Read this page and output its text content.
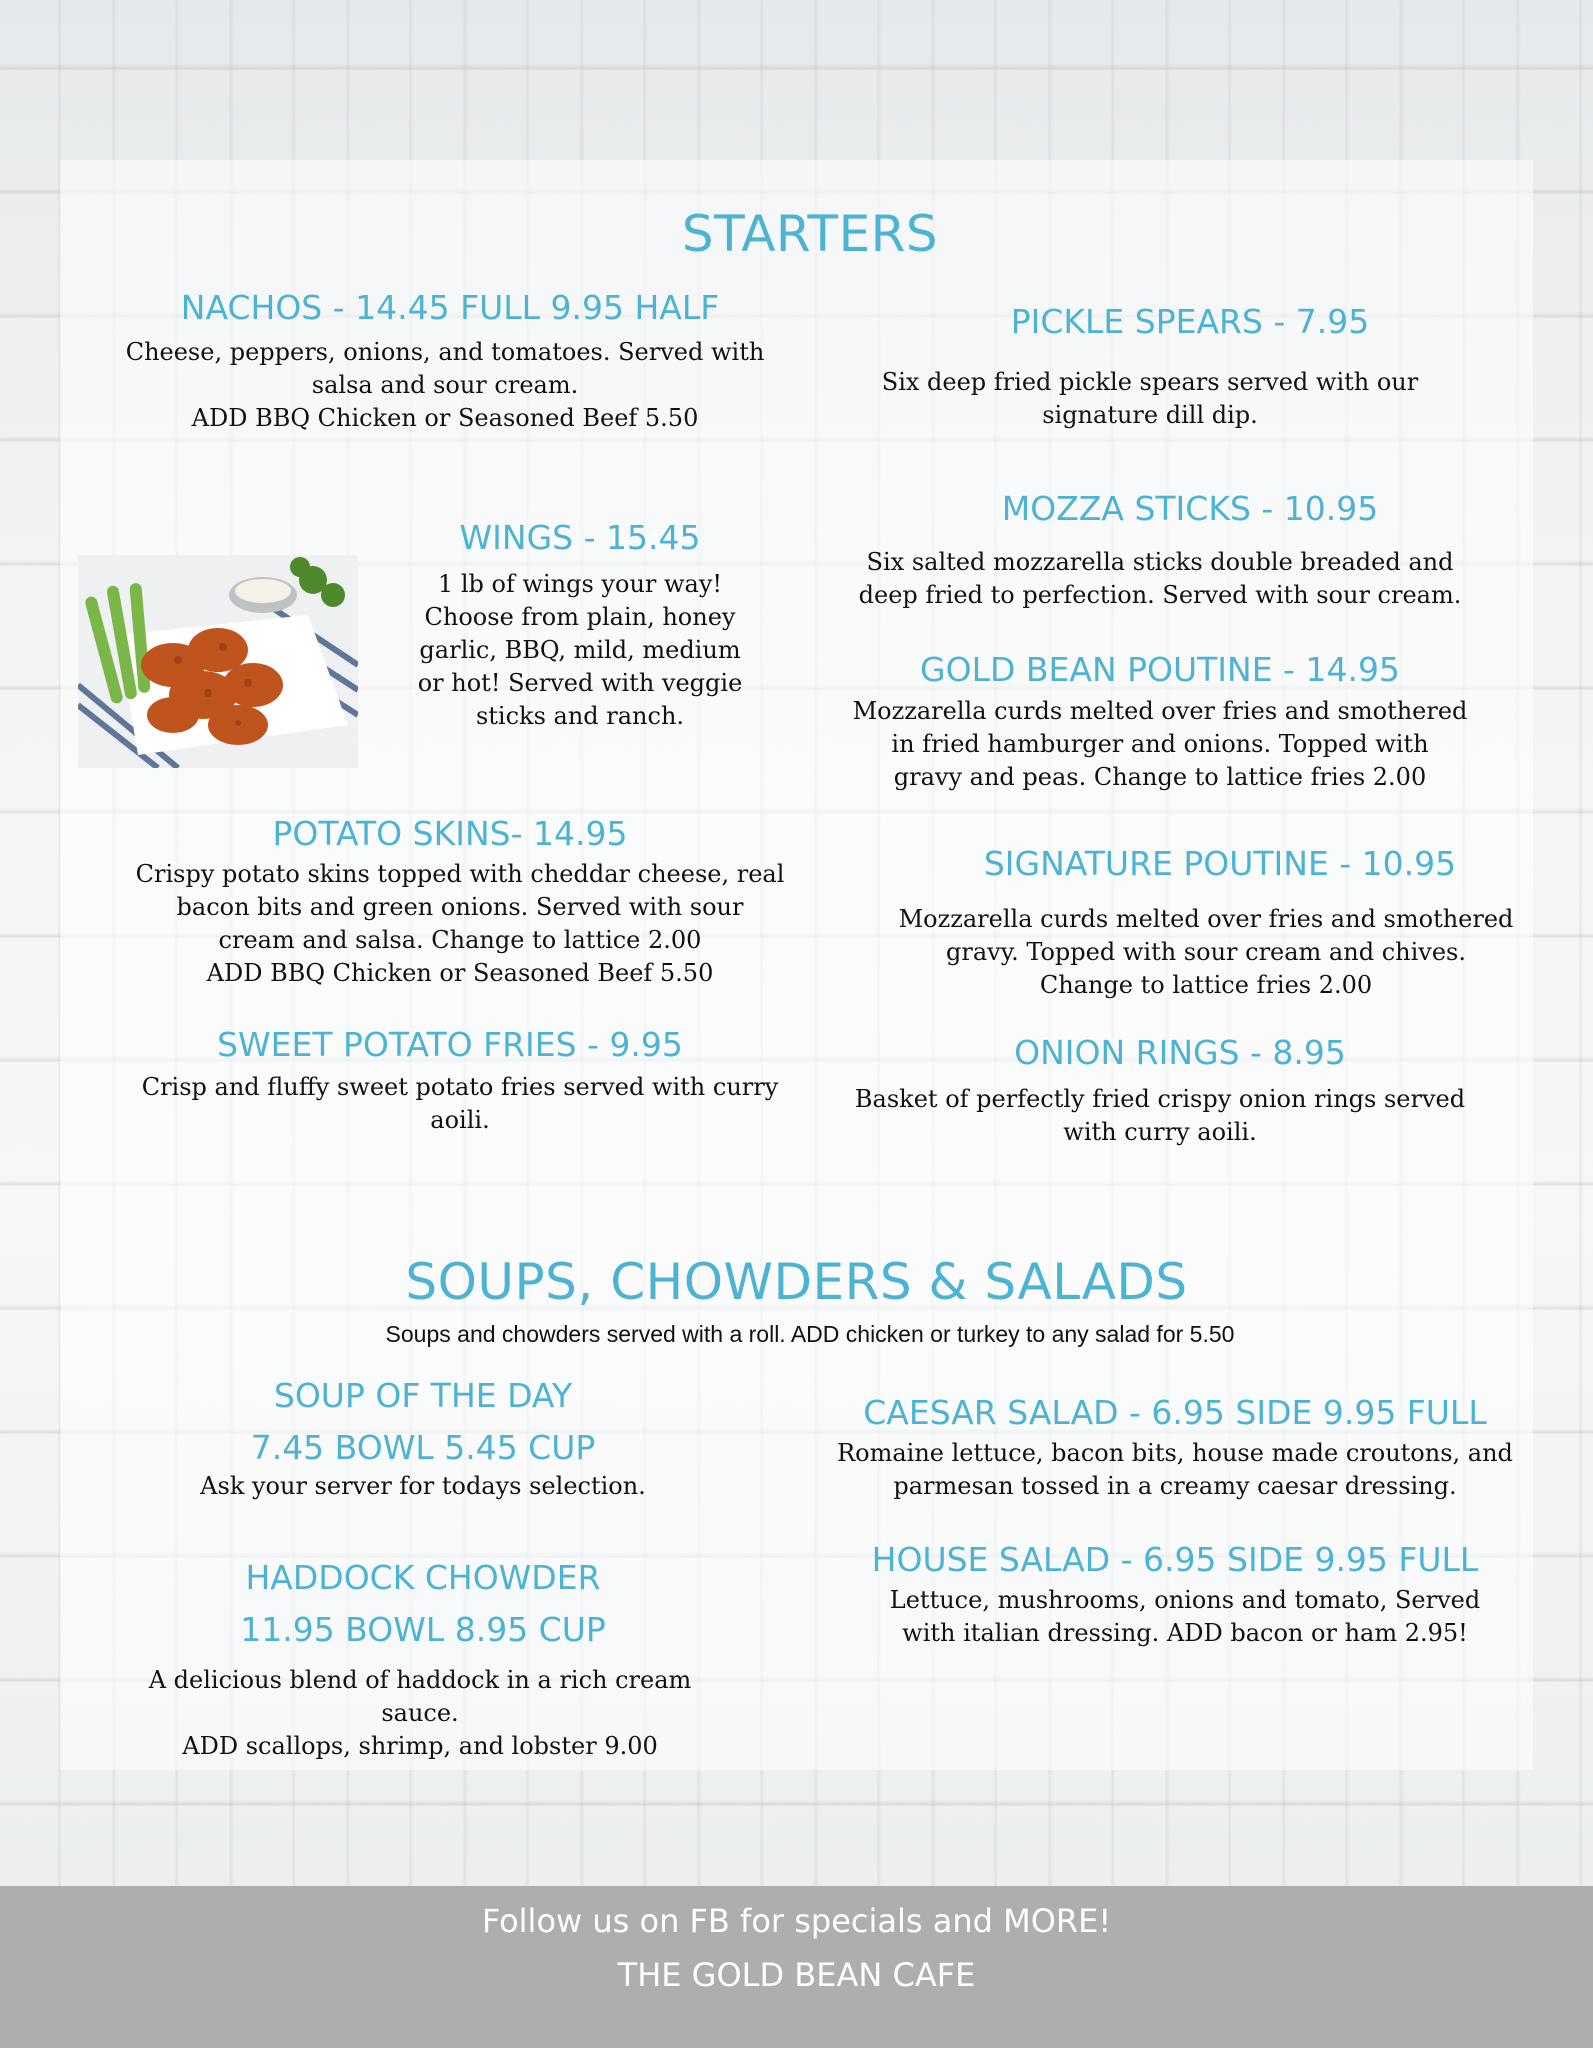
STARTERS
NACHOS - 14.45 FULL 9.95 HALF
Cheese, peppers, onions, and tomatoes. Served with
salsa and sour cream.
ADD BBQ Chicken or Seasoned Beef 5.50
PICKLE SPEARS - 7.95
Six deep fried pickle spears served with our
signature dill dip.
MOZZA STICKS - 10.95
Six salted mozzarella sticks double breaded and
deep fried to perfection. Served with sour cream.
WINGS - 15.45
1 lb of wings your way!
Choose from plain, honey
garlic, BBQ, mild, medium
or hot! Served with veggie
sticks and ranch.
GOLD BEAN POUTINE - 14.95
Mozzarella curds melted over fries and smothered
in fried hamburger and onions. Topped with
gravy and peas. Change to lattice fries 2.00
POTATO SKINS- 14.95
Crispy potato skins topped with cheddar cheese, real
bacon bits and green onions. Served with sour
cream and salsa. Change to lattice 2.00
ADD BBQ Chicken or Seasoned Beef 5.50
SIGNATURE POUTINE - 10.95
Mozzarella curds melted over fries and smothered
gravy. Topped with sour cream and chives.
Change to lattice fries 2.00
SWEET POTATO FRIES - 9.95
Crisp and fluffy sweet potato fries served with curry
aoili.
ONION RINGS - 8.95
Basket of perfectly fried crispy onion rings served
with curry aoili.
SOUPS, CHOWDERS & SALADS
Soups and chowders served with a roll. ADD chicken or turkey to any salad for 5.50
SOUP OF THE DAY
7.45 BOWL 5.45 CUP
Ask your server for todays selection.
CAESAR SALAD - 6.95 SIDE 9.95 FULL
Romaine lettuce, bacon bits, house made croutons, and
parmesan tossed in a creamy caesar dressing.
HOUSE SALAD - 6.95 SIDE 9.95 FULL
Lettuce, mushrooms, onions and tomato, Served
with italian dressing. ADD bacon or ham 2.95!
HADDOCK CHOWDER
11.95 BOWL 8.95 CUP
A delicious blend of haddock in a rich cream
sauce.
ADD scallops, shrimp, and lobster 9.00
Follow us on FB for specials and MORE!
THE GOLD BEAN CAFE
